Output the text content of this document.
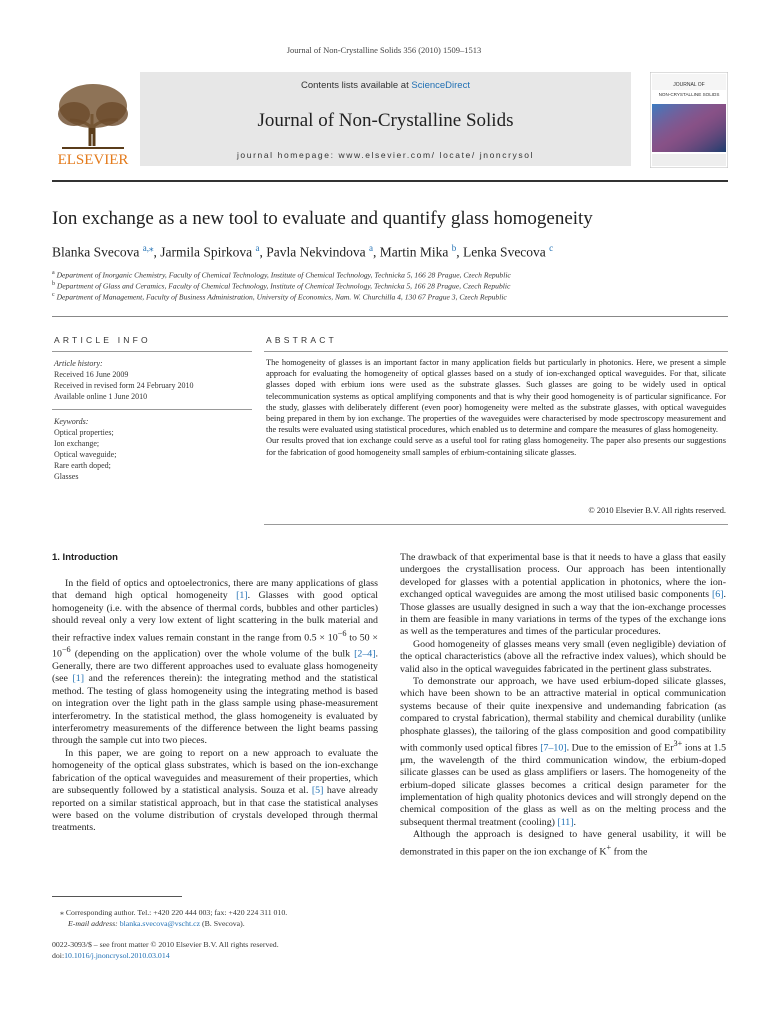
Journal of Non-Crystalline Solids 356 (2010) 1509–1513
ELSEVIER
Contents lists available at ScienceDirect
Journal of Non-Crystalline Solids
journal homepage: www.elsevier.com/ locate/ jnoncrysol
JOURNAL OF
NON-CRYSTALLINE SOLIDS
Ion exchange as a new tool to evaluate and quantify glass homogeneity
Blanka Svecova $^{a,⁎}$, Jarmila Spirkova $^a$, Pavla Nekvindova $^a$, Martin Mika $^b$, Lenka Svecova $^c$
$^a$ Department of Inorganic Chemistry, Faculty of Chemical Technology, Institute of Chemical Technology, Technicka 5, 166 28 Prague, Czech Republic
$^b$ Department of Glass and Ceramics, Faculty of Chemical Technology, Institute of Chemical Technology, Technicka 5, 166 28 Prague, Czech Republic
$^c$ Department of Management, Faculty of Business Administration, University of Economics, Nam. W. Churchilla 4, 130 67 Prague 3, Czech Republic
ARTICLE INFO
Article history:
Received 16 June 2009
Received in revised form 24 February 2010
Available online 1 June 2010
Keywords:
Optical properties;
Ion exchange;
Optical waveguide;
Rare earth doped;
Glasses
ABSTRACT

The homogeneity of glasses is an important factor in many application fields but particularly in photonics. Here, we present a simple approach for evaluating the homogeneity of optical glasses based on a study of ion-exchanged optical waveguides. For that, silicate glasses doped with erbium ions were used as the substrate glasses. Such glasses are going to be widely used in optical telecommunication systems as optical amplifying components and that is why their good homogeneity is of particular significance. For the study, glasses with deliberately different (even poor) homogeneity were melted as the substrate glasses, with optical waveguides being prepared in them by ion exchange. The properties of the waveguides were characterised by mode spectroscopy measurement and the results were evaluated using statistical procedures, which enabled us to determine and compare the measures of glass homogeneity.

Our results proved that ion exchange could serve as a useful tool for rating glass homogeneity. The paper also presents our suggestions for the fabrication of good homogeneity small samples of erbium-containing silicate glasses.

© 2010 Elsevier B.V. All rights reserved.
1. Introduction

In the field of optics and optoelectronics, there are many applications of glass that demand high optical homogeneity [1]. Glasses with good optical homogeneity (i.e. with the absence of thermal cords, bubbles and other particles) should reveal only a very low extent of light scattering in the bulk material and their refractive index values remain constant in the range from $0.5 \times 10^{-6}$ to $50 \times 10^{-6}$ (depending on the application) over the whole volume of the bulk [2–4]. Generally, there are two different approaches used to evaluate glass homogeneity (see [1] and the references therein): the integrating method and the statistical method. The testing of glass homogeneity using the integrating method is based on integration over the light path in the glass sample using phase-measurement interferometry. In the statistical method, the glass homogeneity is evaluated by interferometry measurements of the difference between the light beams passing through the sample cut into two pieces.

In this paper, we are going to report on a new approach to evaluate the homogeneity of the optical glass substrates, which is based on the ion-exchange fabrication of the optical waveguides and measurement of their properties, which are subsequently followed by a statistical analysis. Souza et al. [5] have already reported on a similar statistical approach, but in that case the statistical analyses were based on the volume distribution of crystals developed through thermal treatments.

The drawback of that experimental base is that it needs to have a glass that easily undergoes the crystallisation process. Our approach has been intentionally developed for glasses with a potential application in photonics, where the ion-exchanged optical waveguides are among the most utilised basic components [6]. Those glasses are usually designed in such a way that the ion-exchange processes in them are feasible in many variations in terms of the types of the exchange ions as well as the temperatures and times of the particular procedures.

Good homogeneity of glasses means very small (even negligible) deviation of the optical characteristics (above all the refractive index values), which should be valid also in the optical waveguides fabricated in the pertinent glass substrates.

To demonstrate our approach, we have used erbium-doped silicate glasses, which have been shown to be an attractive material in optical communication systems because of their quite inexpensive and undemanding fabrication (as compared to crystal fabrication), thermal stability and chemical durability (unlike phosphate glasses), the tailoring of the glass composition and good compatibility with commonly used optical fibres [7–10]. Due to the emission of $Er^{3+}$ ions at 1.5 μm, the wavelength of the third communication window, the erbium-doped silicate glasses can be used as glass amplifiers or lasers. The homogeneity of the erbium-doped silicate glasses becomes a critical design parameter for the implementation of high quality photonics devices and will strongly depend on the chemical composition of the glass as well as on the melting process and the subsequent thermal treatment (cooling) [11].

Although the approach is designed to have general usability, it will be demonstrated in this paper on the ion exchange of K+ from the

⁎ Corresponding author. Tel.: +420 220 444 003; fax: +420 224 311 010.
E-mail address: blanka.svecova@vscht.cz (B. Svecova).
0022-3093/$ – see front matter © 2010 Elsevier B.V. All rights reserved.
doi:10.1016/j.jnoncrysol.2010.03.014
